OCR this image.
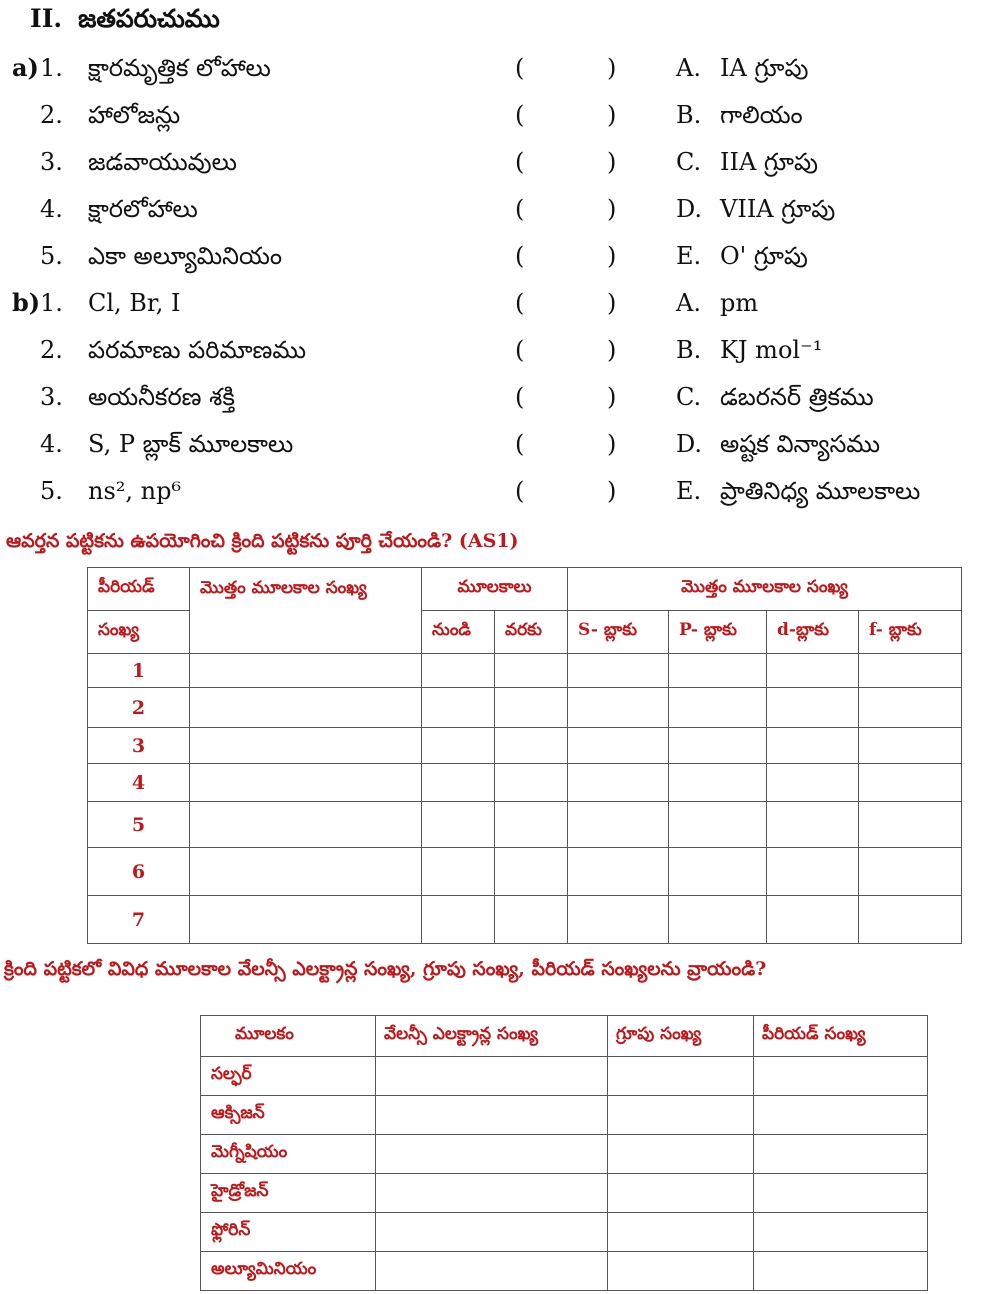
II. జతపరుచుము
a) 1. క్షారమృత్తిక లోహాలు	(	) A. IA గ్రూపు
2. హాలోజన్లు	(	) B. గాలియం
3. జడవాయువులు	(	) C. IIA గ్రూపు
4. క్షారలోహాలు	(	) D. VIIA గ్రూపు
5. ఎకా అల్యూమినియం	(	) E. O' గ్రూపు
b) 1. Cl, Br, I	(	) A. pm
2. పరమాణు పరిమాణము	(	) B. KJ mol⁻¹
3. అయనీకరణ శక్తి	(	) C. డబరనర్ త్రికము
4. S, P బ్లాక్ మూలకాలు	(	) D. అష్టక విన్యాసము
5. ns², np⁶	(	) E. ప్రాతినిధ్య మూలకాలు
ఆవర్తన పట్టికను ఉపయోగించి క్రింది పట్టికను పూర్తి చేయండి? (AS1)
పీరియడ్	మొత్తం మూలకాల సంఖ్య	మూలకాలు		మొత్తం మూలకాల సంఖ్య			
సంఖ్య		నుండి	వరకు	S- బ్లాకు	P- బ్లాకు	d-బ్లాకు	f- బ్లాకు
1							
2							
3							
4							
5							
6							
7							
క్రింది పట్టికలో వివిధ మూలకాల వేలన్సీ ఎలక్ట్రాన్ల సంఖ్య, గ్రూపు సంఖ్య, పీరియడ్ సంఖ్యలను వ్రాయండి?
మూలకం	వేలన్సీ ఎలక్ట్రాన్ల సంఖ్య	గ్రూపు సంఖ్య	పీరియడ్ సంఖ్య
సల్ఫర్			
ఆక్సిజన్			
మెగ్నీషియం			
హైడ్రోజన్			
ఫ్లోరిన్			
అల్యూమినియం			
